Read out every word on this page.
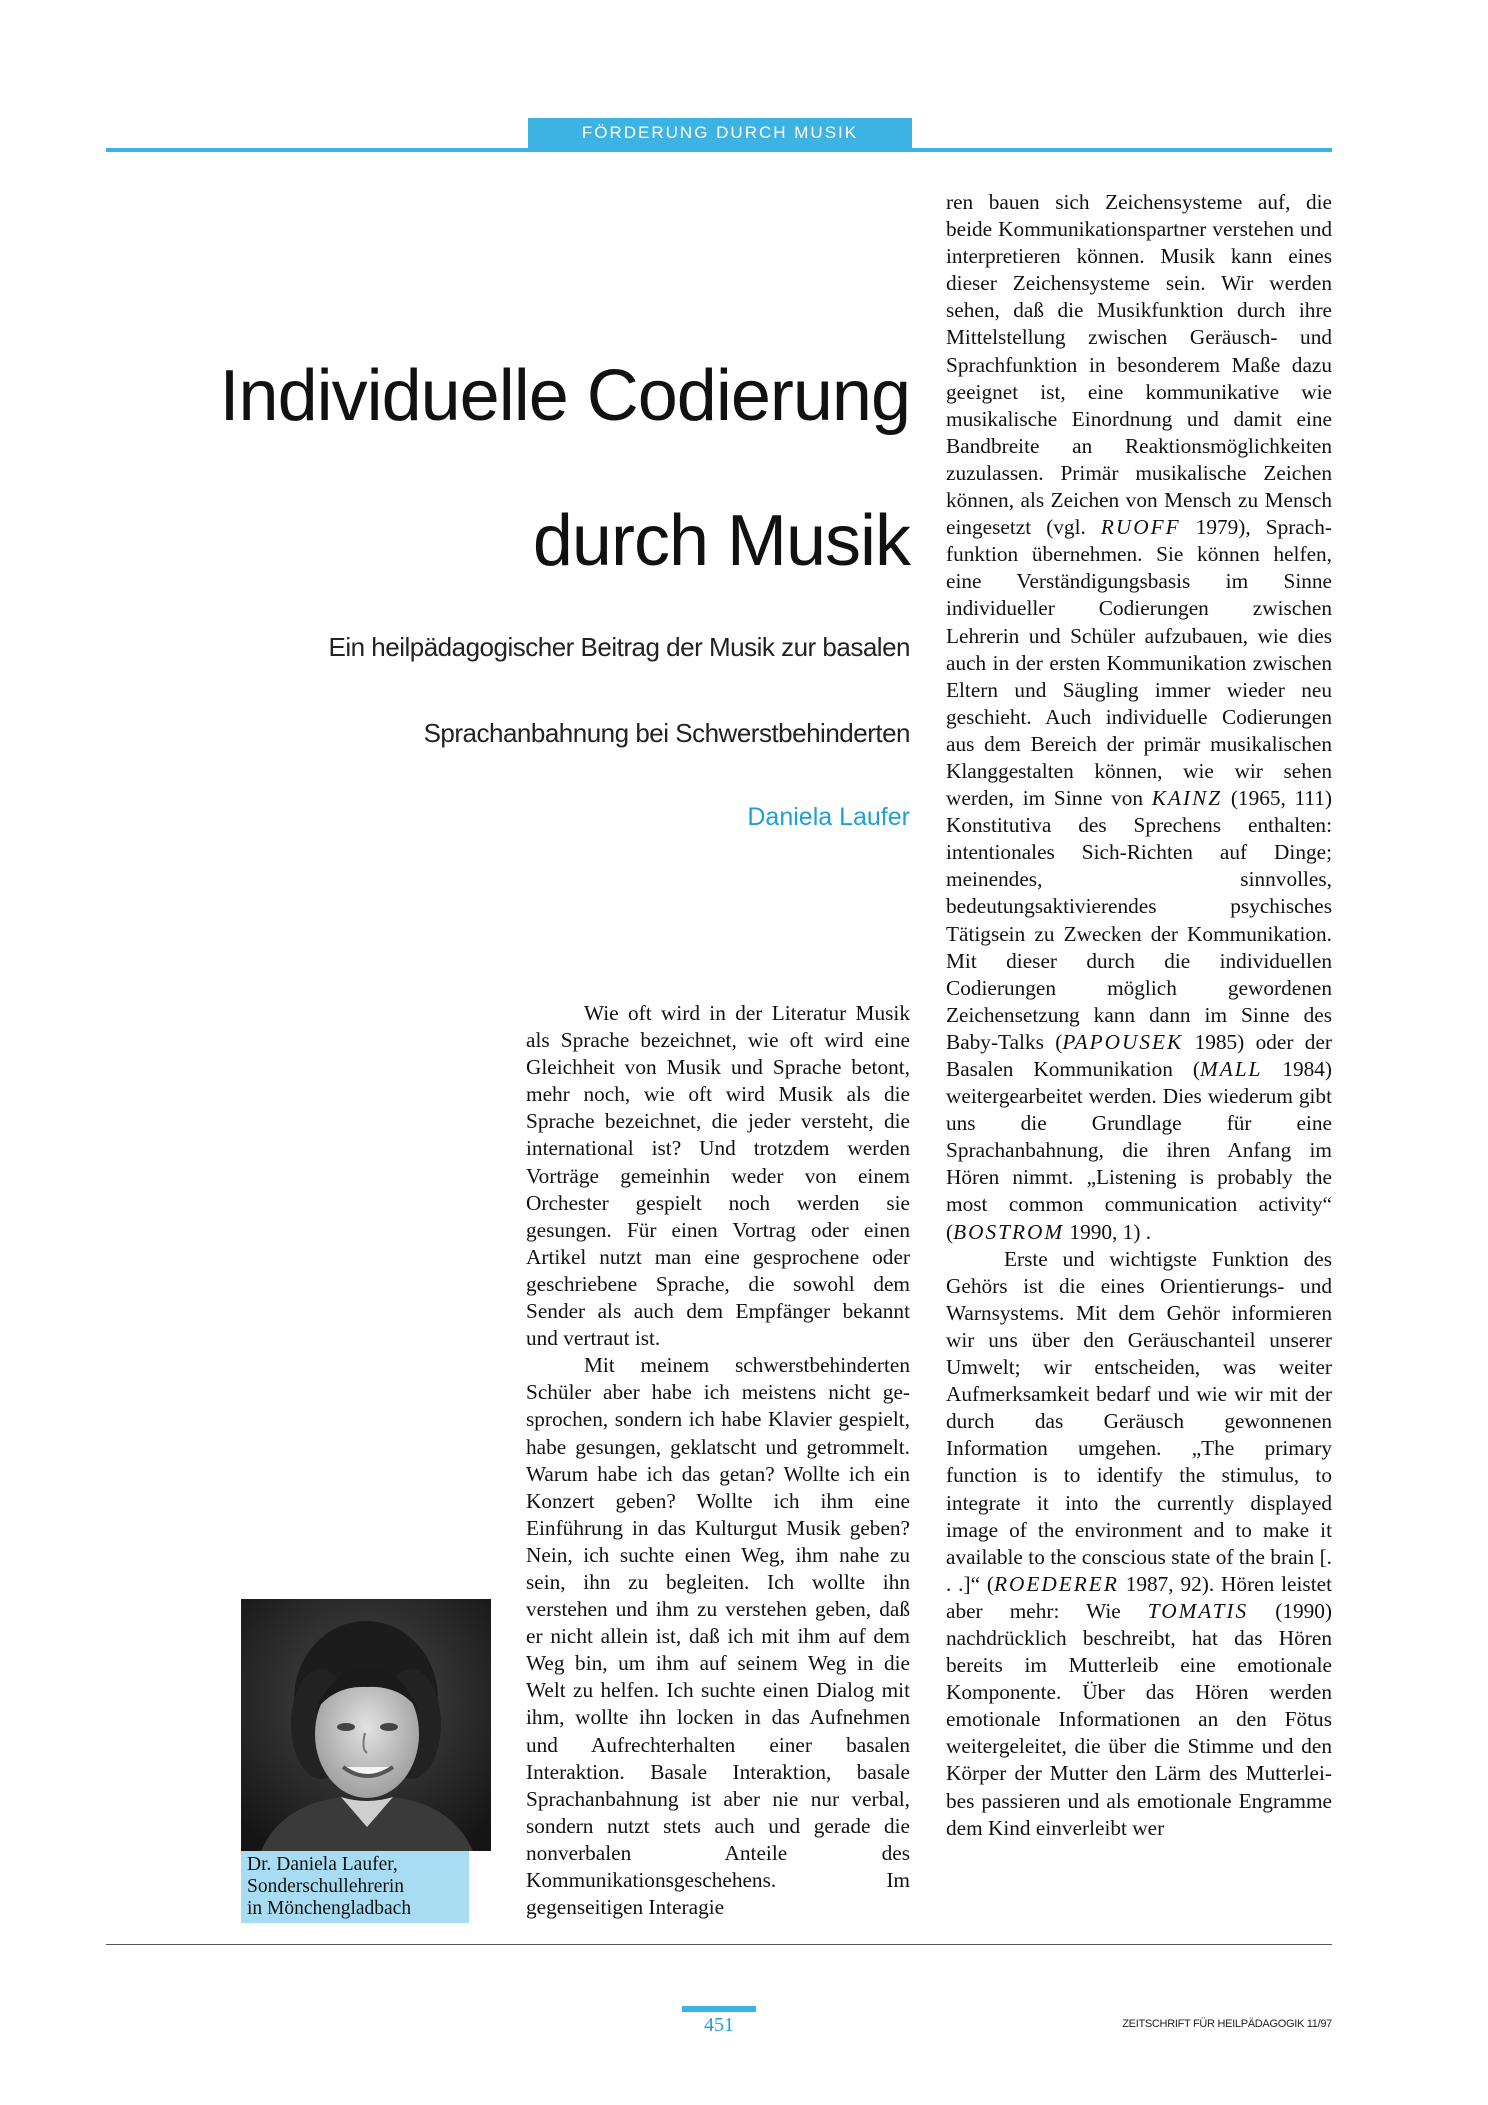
FÖRDERUNG DURCH MUSIK
Individuelle Codierung
durch Musik
Ein heilpädagogischer Beitrag der Musik zur basalen
Sprachanbahnung bei Schwerstbehinderten
Daniela Laufer

Wie oft wird in der Literatur Musik als Sprache bezeichnet, wie oft wird eine Gleichheit von Musik und Sprache betont, mehr noch, wie oft wird Musik als die Sprache bezeichnet, die jeder versteht, die international ist? Und trotzdem werden Vorträge gemeinhin weder von einem Orchester gespielt noch werden sie gesungen. Für einen Vortrag oder einen Artikel nutzt man eine gesprochene oder geschriebene Sprache, die sowohl dem Sender als auch dem Empfänger bekannt und vertraut ist.

Mit meinem schwerstbehinderten Schüler aber habe ich meistens nicht gesprochen, sondern ich habe Klavier gespielt, habe gesungen, geklatscht und getrommelt. Warum habe ich das getan? Wollte ich ein Konzert geben? Wollte ich ihm eine Einführung in das Kulturgut Musik geben? Nein, ich suchte einen Weg, ihm nahe zu sein, ihn zu begleiten. Ich wollte ihn verstehen und ihm zu verstehen geben, daß er nicht allein ist, daß ich mit ihm auf dem Weg bin, um ihm auf seinem Weg in die Welt zu helfen. Ich suchte einen Dialog mit ihm, wollte ihn locken in das Aufnehmen und Aufrechterhalten einer basalen Interaktion. Basale Interaktion, basale Sprachanbahnung ist aber nie nur verbal, sondern nutzt stets auch und gerade die nonverbalen Anteile des Kommunikationsgeschehens. Im gegenseitigen Interagie

ren bauen sich Zeichensysteme auf, die beide Kommunikationspartner verstehen und interpretieren können. Musik kann eines dieser Zeichensysteme sein. Wir werden sehen, daß die Musikfunktion durch ihre Mittelstellung zwischen Geräusch- und Sprachfunktion in besonderem Maße dazu geeignet ist, eine kommunikative wie musikalische Einordnung und damit eine Bandbreite an Reaktionsmöglichkeiten zuzulassen. Primär musikalische Zeichen können, als Zeichen von Mensch zu Mensch eingesetzt (vgl. RUOFF 1979), Sprachfunktion übernehmen. Sie können helfen, eine Verständigungsbasis im Sinne individueller Codierungen zwischen Lehrerin und Schüler aufzubauen, wie dies auch in der ersten Kommunikation zwischen Eltern und Säugling immer wieder neu geschieht. Auch individuelle Codierungen aus dem Bereich der primär musikalischen Klanggestalten können, wie wir sehen werden, im Sinne von KAINZ (1965, 111) Konstitutiva des Sprechens enthalten: intentionales Sich-Richten auf Dinge; meinendes, sinnvolles, bedeutungsaktivierendes psychisches Tätigsein zu Zwecken der Kommunikation. Mit dieser durch die individuellen Codierungen möglich gewordenen Zeichensetzung kann dann im Sinne des Baby-Talks (PAPOUSEK 1985) oder der Basalen Kommunikation (MALL 1984) weitergearbeitet werden. Dies wiederum gibt uns die Grundlage für eine Sprachanbahnung, die ihren Anfang im Hören nimmt. „Listening is probably the most common communication activity“ (BOSTROM 1990, 1) .

Erste und wichtigste Funktion des Gehörs ist die eines Orientierungs- und Warnsystems. Mit dem Gehör informieren wir uns über den Geräuschanteil unserer Umwelt; wir entscheiden, was weiter Aufmerksamkeit bedarf und wie wir mit der durch das Geräusch gewonnenen Information umgehen. „The primary function is to identify the stimulus, to integrate it into the currently displayed image of the environment and to make it available to the conscious state of the brain [. . .]“ (ROEDERER 1987, 92). Hören leistet aber mehr: Wie TOMATIS (1990) nachdrücklich beschreibt, hat das Hören bereits im Mutterleib eine emotionale Komponente. Über das Hören werden emotionale Informationen an den Fötus weitergeleitet, die über die Stimme und den Körper der Mutter den Lärm des Mutterleibes passieren und als emotionale Engramme dem Kind einverleibt wer

Dr. Daniela Laufer,
Sonderschullehrerin
in Mönchengladbach
451	ZEITSCHRIFT FÜR HEILPÄDAGOGIK 11/97
